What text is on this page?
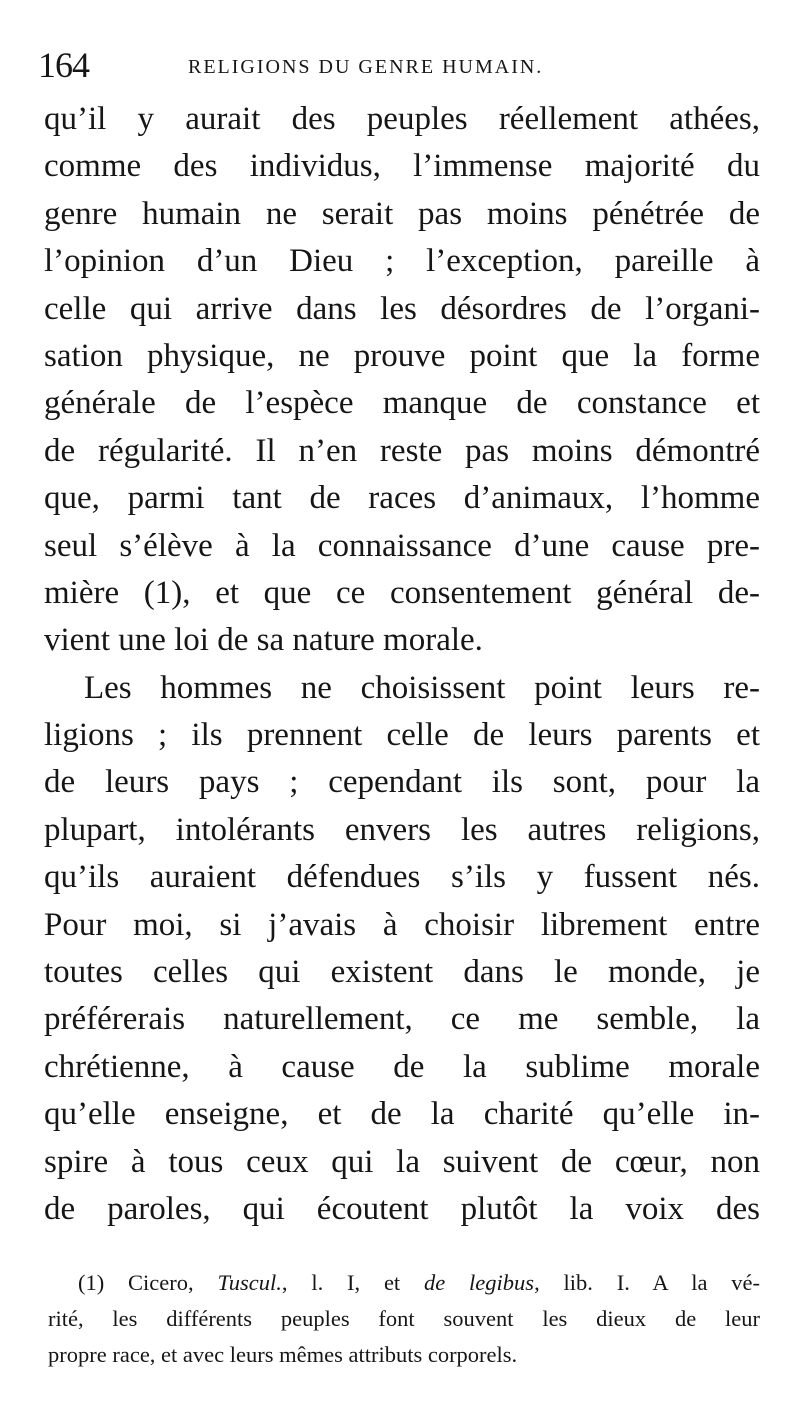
164	RELIGIONS DU GENRE HUMAIN.
qu’il y aurait des peuples réellement athées,
comme des individus, l’immense majorité du
genre humain ne serait pas moins pénétrée de
l’opinion d’un Dieu ; l’exception, pareille à
celle qui arrive dans les désordres de l’organi-
sation physique, ne prouve point que la forme
générale de l’espèce manque de constance et
de régularité. Il n’en reste pas moins démontré
que, parmi tant de races d’animaux, l’homme
seul s’élève à la connaissance d’une cause pre-
mière (1), et que ce consentement général de-
vient une loi de sa nature morale.
Les hommes ne choisissent point leurs re-
ligions ; ils prennent celle de leurs parents et
de leurs pays ; cependant ils sont, pour la
plupart, intolérants envers les autres religions,
qu’ils auraient défendues s’ils y fussent nés.
Pour moi, si j’avais à choisir librement entre
toutes celles qui existent dans le monde, je
préférerais naturellement, ce me semble, la
chrétienne, à cause de la sublime morale
qu’elle enseigne, et de la charité qu’elle in-
spire à tous ceux qui la suivent de cœur, non
de paroles, qui écoutent plutôt la voix des
(1) Cicero, Tuscul., l. I, et de legibus, lib. I. A la vé-
rité, les différents peuples font souvent les dieux de leur
propre race, et avec leurs mêmes attributs corporels.
